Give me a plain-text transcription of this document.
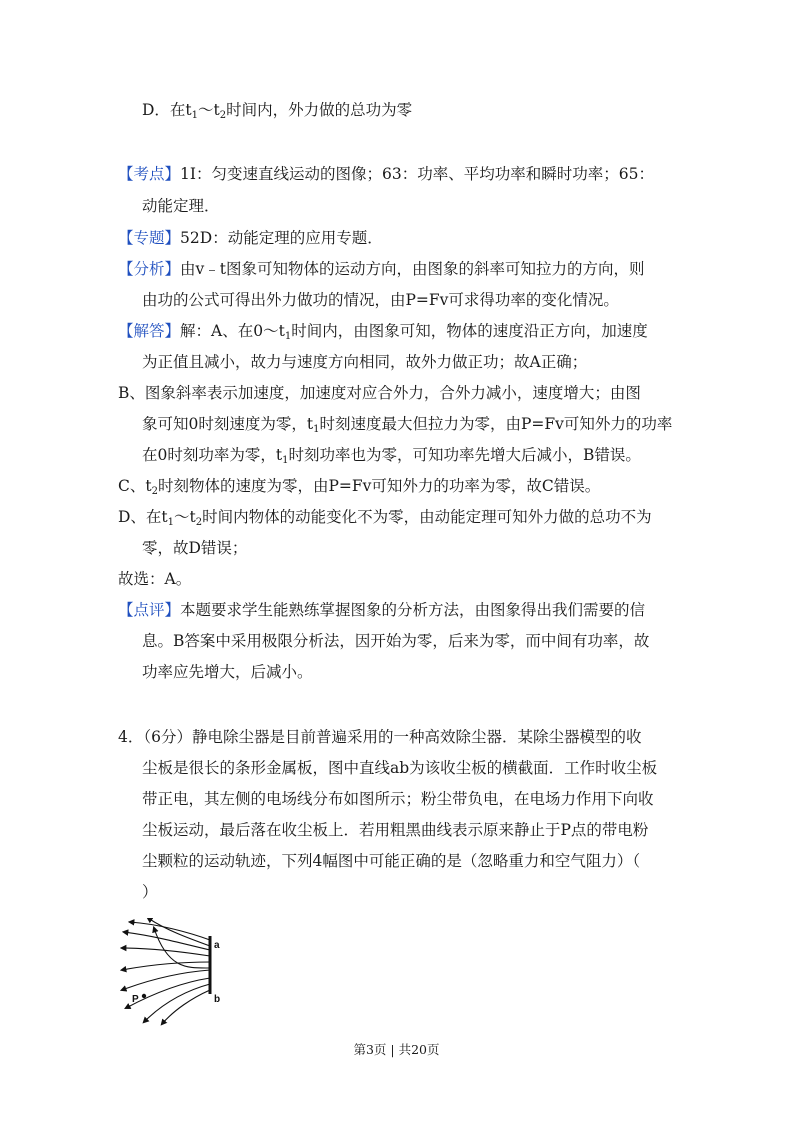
D．在$t_1\sim t_2$时间内，外力做的总功为零
【考点】1I：匀变速直线运动的图像；63：功率、平均功率和瞬时功率；65：
动能定理．
【专题】52D：动能定理的应用专题．
【分析】由v﹣t图象可知物体的运动方向，由图象的斜率可知拉力的方向，则
由功的公式可得出外力做功的情况，由P=Fv可求得功率的变化情况。
【解答】解：A、在$0\sim t_1$时间内，由图象可知，物体的速度沿正方向，加速度
为正值且减小，故力与速度方向相同，故外力做正功；故A正确；
B、图象斜率表示加速度，加速度对应合外力，合外力减小，速度增大；由图
象可知0时刻速度为零，$t_1$时刻速度最大但拉力为零，由P=Fv可知外力的功率
在0时刻功率为零，$t_1$时刻功率也为零，可知功率先增大后减小，B错误。
C、$t_2$时刻物体的速度为零，由P=Fv可知外力的功率为零，故C错误。
D、在$t_1\sim t_2$时间内物体的动能变化不为零，由动能定理可知外力做的总功不为
零，故D错误；
故选：A。
【点评】本题要求学生能熟练掌握图象的分析方法，由图象得出我们需要的信
息。B答案中采用极限分析法，因开始为零，后来为零，而中间有功率，故
功率应先增大，后减小。
4．（6分）静电除尘器是目前普遍采用的一种高效除尘器．某除尘器模型的收
尘板是很长的条形金属板，图中直线ab为该收尘板的横截面．工作时收尘板
带正电，其左侧的电场线分布如图所示；粉尘带负电，在电场力作用下向收
尘板运动，最后落在收尘板上．若用粗黑曲线表示原来静止于P点的带电粉
尘颗粒的运动轨迹，下列4幅图中可能正确的是（忽略重力和空气阻力）（
）
a
b
P
第3页 | 共20页
